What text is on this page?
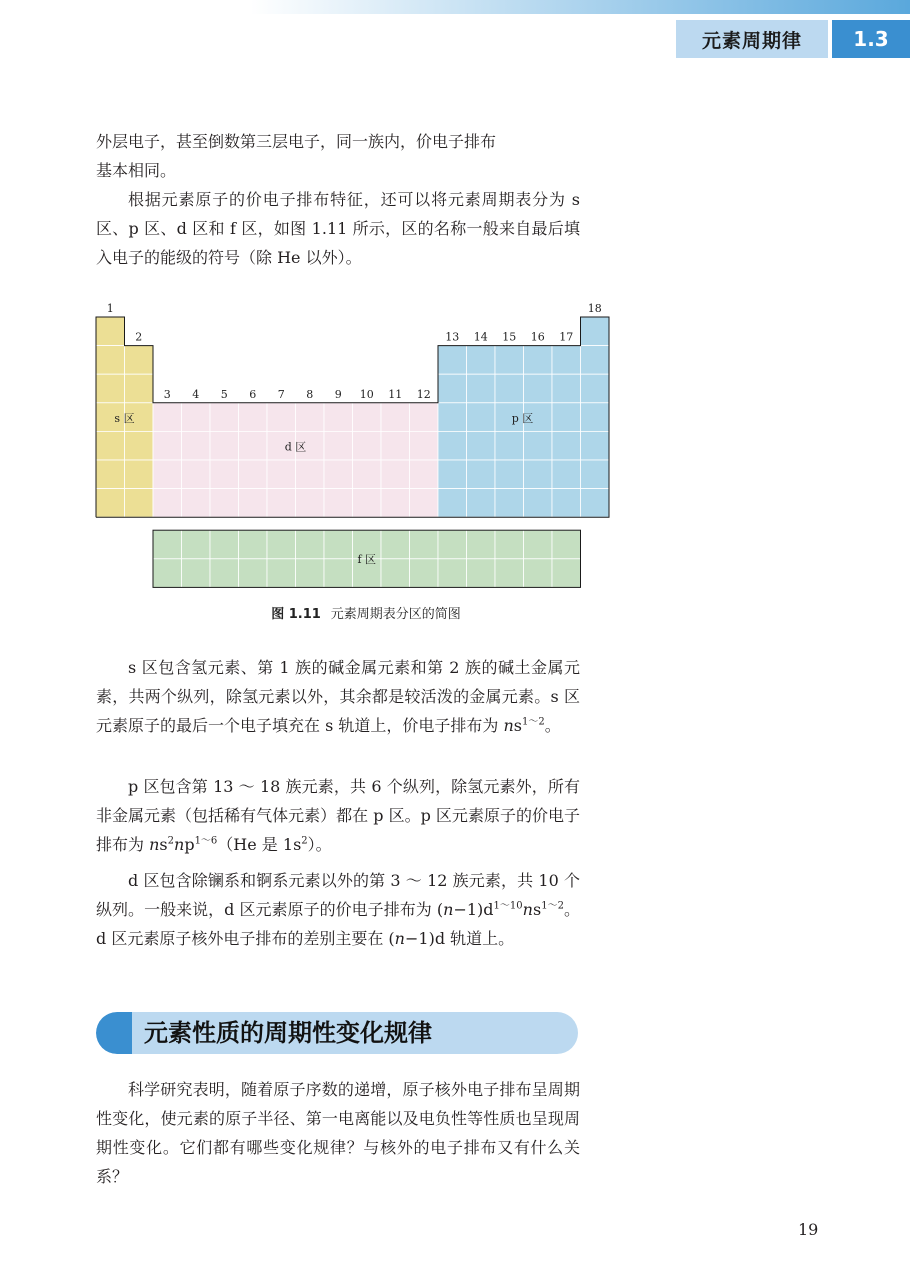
元素周期律	1.3
外层电子，甚至倒数第三层电子，同一族内，价电子排布
基本相同。

根据元素原子的价电子排布特征，还可以将元素周期表分为 s 区、p 区、d 区和 f 区，如图 1.11 所示，区的名称一般来自最后填入电子的能级的符号（除 He 以外）。

1
2
3 4 5 6 7 8 9 10 11 12
13 14 15 16 17
18
s 区
d 区
p 区
f 区
图 1.11 元素周期表分区的简图

s 区包含氢元素、第 1 族的碱金属元素和第 2 族的碱土金属元素，共两个纵列，除氢元素以外，其余都是较活泼的金属元素。s 区元素原子的最后一个电子填充在 s 轨道上，价电子排布为 $ns^{1\sim 2}$。

p 区包含第 13 ～ 18 族元素，共 6 个纵列，除氢元素外，所有非金属元素（包括稀有气体元素）都在 p 区。p 区元素原子的价电子排布为 $ns^2np^{1\sim 6}(He$ 是 $1s^2$）。

d 区包含除镧系和锕系元素以外的第 3 ～ 12 族元素，共 10 个纵列。一般来说，d 区元素原子的价电子排布为 $(n-1)d^{1\sim 10}ns^{1\sim 2}$。d 区元素原子核外电子排布的差别主要在 (n−1)d 轨道上。

元素性质的周期性变化规律

科学研究表明，随着原子序数的递增，原子核外电子排布呈周期性变化，使元素的原子半径、第一电离能以及电负性等性质也呈现周期性变化。它们都有哪些变化规律？与核外的电子排布又有什么关系？

19
